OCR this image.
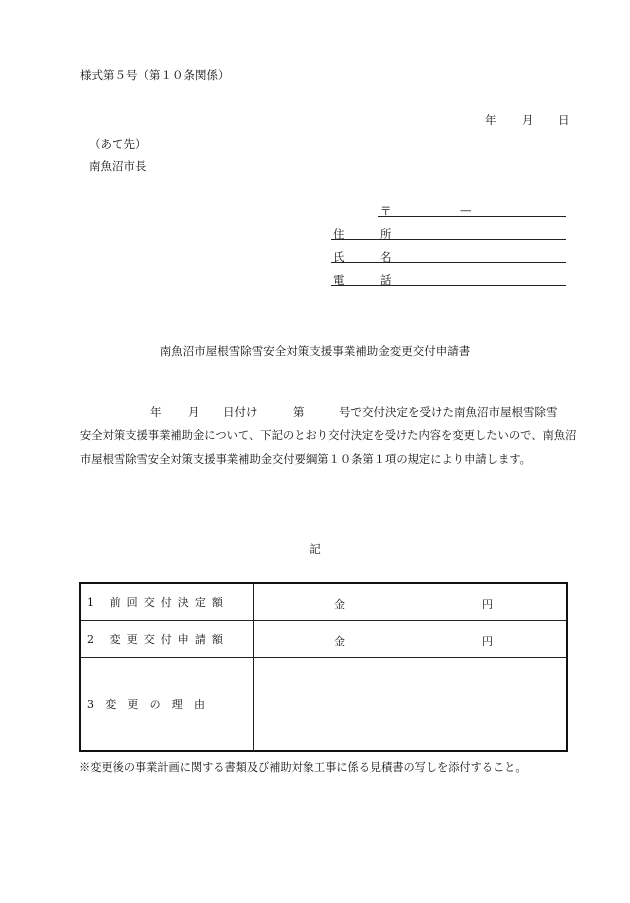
様式第５号（第１０条関係）
年 月 日
（あて先）
南魚沼市長
〒	—
住	所
氏	名
電	話
南魚沼市屋根雪除雪安全対策支援事業補助金変更交付申請書
年 月 日付け	第	号で交付決定を受けた南魚沼市屋根雪除雪
安全対策支援事業補助金について、下記のとおり交付決定を受けた内容を変更したいので、南魚沼市屋根雪除雪安全対策支援事業補助金交付要綱第１０条第１項の規定により申請します。
記
1 前回交付決定額	金 円

2 変更交付申請額	金 円

3 変 更 の 理 由	
※変更後の事業計画に関する書類及び補助対象工事に係る見積書の写しを添付すること。
